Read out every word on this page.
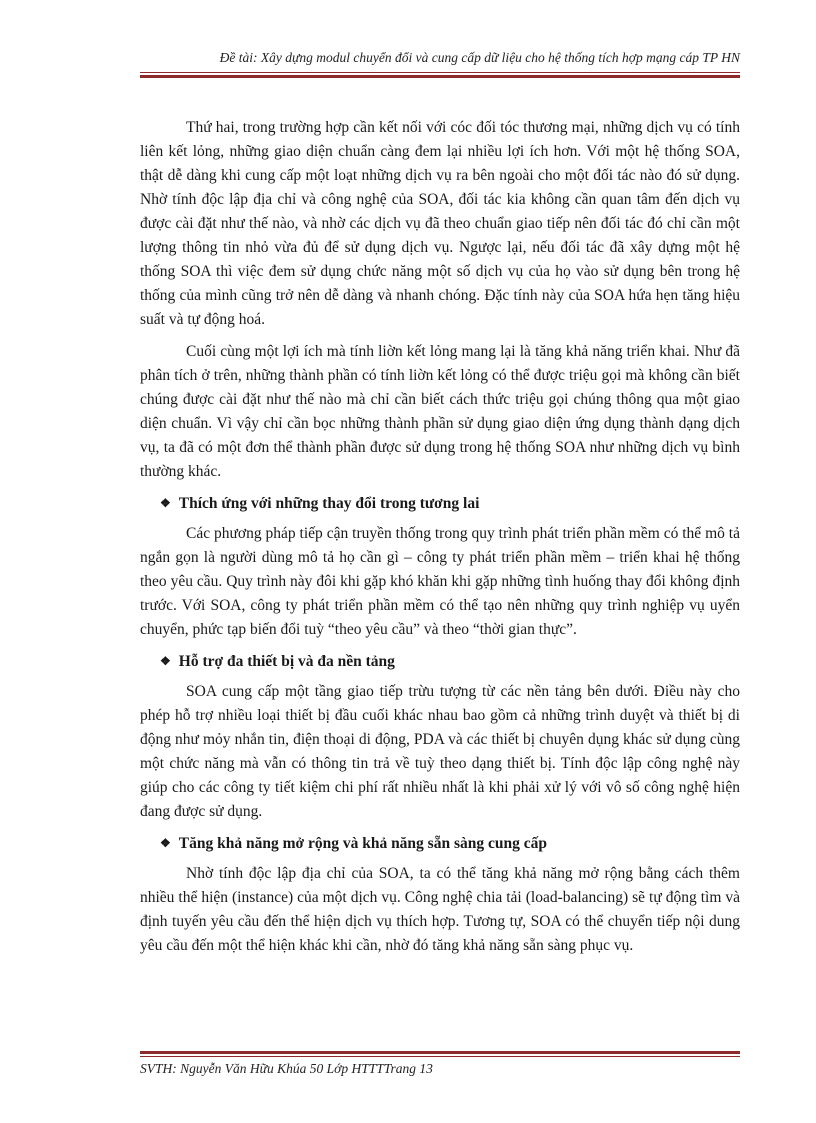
Đề tài: Xây dựng modul chuyển đổi và cung cấp dữ liệu cho hệ thống tích hợp mạng cáp TP HN

Thứ hai, trong trường hợp cần kết nối với cóc đối tóc thương mại, những dịch vụ có tính liên kết lỏng, những giao diện chuẩn càng đem lại nhiều lợi ích hơn. Với một hệ thống SOA, thật dễ dàng khi cung cấp một loạt những dịch vụ ra bên ngoài cho một đối tác nào đó sử dụng. Nhờ tính độc lập địa chỉ và công nghệ của SOA, đối tác kia không cần quan tâm đến dịch vụ được cài đặt như thế nào, và nhờ các dịch vụ đã theo chuẩn giao tiếp nên đối tác đó chỉ cần một lượng thông tin nhỏ vừa đủ để sử dụng dịch vụ. Ngược lại, nếu đối tác đã xây dựng một hệ thống SOA thì việc đem sử dụng chức năng một số dịch vụ của họ vào sử dụng bên trong hệ thống của mình cũng trở nên dễ dàng và nhanh chóng. Đặc tính này của SOA hứa hẹn tăng hiệu suất và tự động hoá.

Cuối cùng một lợi ích mà tính liờn kết lỏng mang lại là tăng khả năng triển khai. Như đã phân tích ở trên, những thành phần có tính liờn kết lỏng có thể được triệu gọi mà không cần biết chúng được cài đặt như thế nào mà chỉ cần biết cách thức triệu gọi chúng thông qua một giao diện chuẩn. Vì vậy chỉ cần bọc những thành phần sử dụng giao diện ứng dụng thành dạng dịch vụ, ta đã có một đơn thể thành phần được sử dụng trong hệ thống SOA như những dịch vụ bình thường khác.

❖ Thích ứng với những thay đổi trong tương lai

Các phương pháp tiếp cận truyền thống trong quy trình phát triển phần mềm có thể mô tả ngắn gọn là người dùng mô tả họ cần gì – công ty phát triển phần mềm – triển khai hệ thống theo yêu cầu. Quy trình này đôi khi gặp khó khăn khi gặp những tình huống thay đổi không định trước. Với SOA, công ty phát triển phần mềm có thể tạo nên những quy trình nghiệp vụ uyển chuyển, phức tạp biến đổi tuỳ “theo yêu cầu” và theo “thời gian thực”.

❖ Hỗ trợ đa thiết bị và đa nền tảng

SOA cung cấp một tầng giao tiếp trừu tượng từ các nền tảng bên dưới. Điều này cho phép hỗ trợ nhiều loại thiết bị đầu cuối khác nhau bao gồm cả những trình duyệt và thiết bị di động như mỏy nhắn tin, điện thoại di động, PDA và các thiết bị chuyên dụng khác sử dụng cùng một chức năng mà vẫn có thông tin trả về tuỳ theo dạng thiết bị. Tính độc lập công nghệ này giúp cho các công ty tiết kiệm chi phí rất nhiều nhất là khi phải xử lý với vô số công nghệ hiện đang được sử dụng.

❖ Tăng khả năng mở rộng và khả năng sẵn sàng cung cấp

Nhờ tính độc lập địa chỉ của SOA, ta có thể tăng khả năng mở rộng bằng cách thêm nhiều thể hiện (instance) của một dịch vụ. Công nghệ chia tải (load-balancing) sẽ tự động tìm và định tuyến yêu cầu đến thể hiện dịch vụ thích hợp. Tương tự, SOA có thể chuyển tiếp nội dung yêu cầu đến một thể hiện khác khi cần, nhờ đó tăng khả năng sẵn sàng phục vụ.

SVTH: Nguyễn Văn Hữu Khúa 50 Lớp HTTTTrang 13
